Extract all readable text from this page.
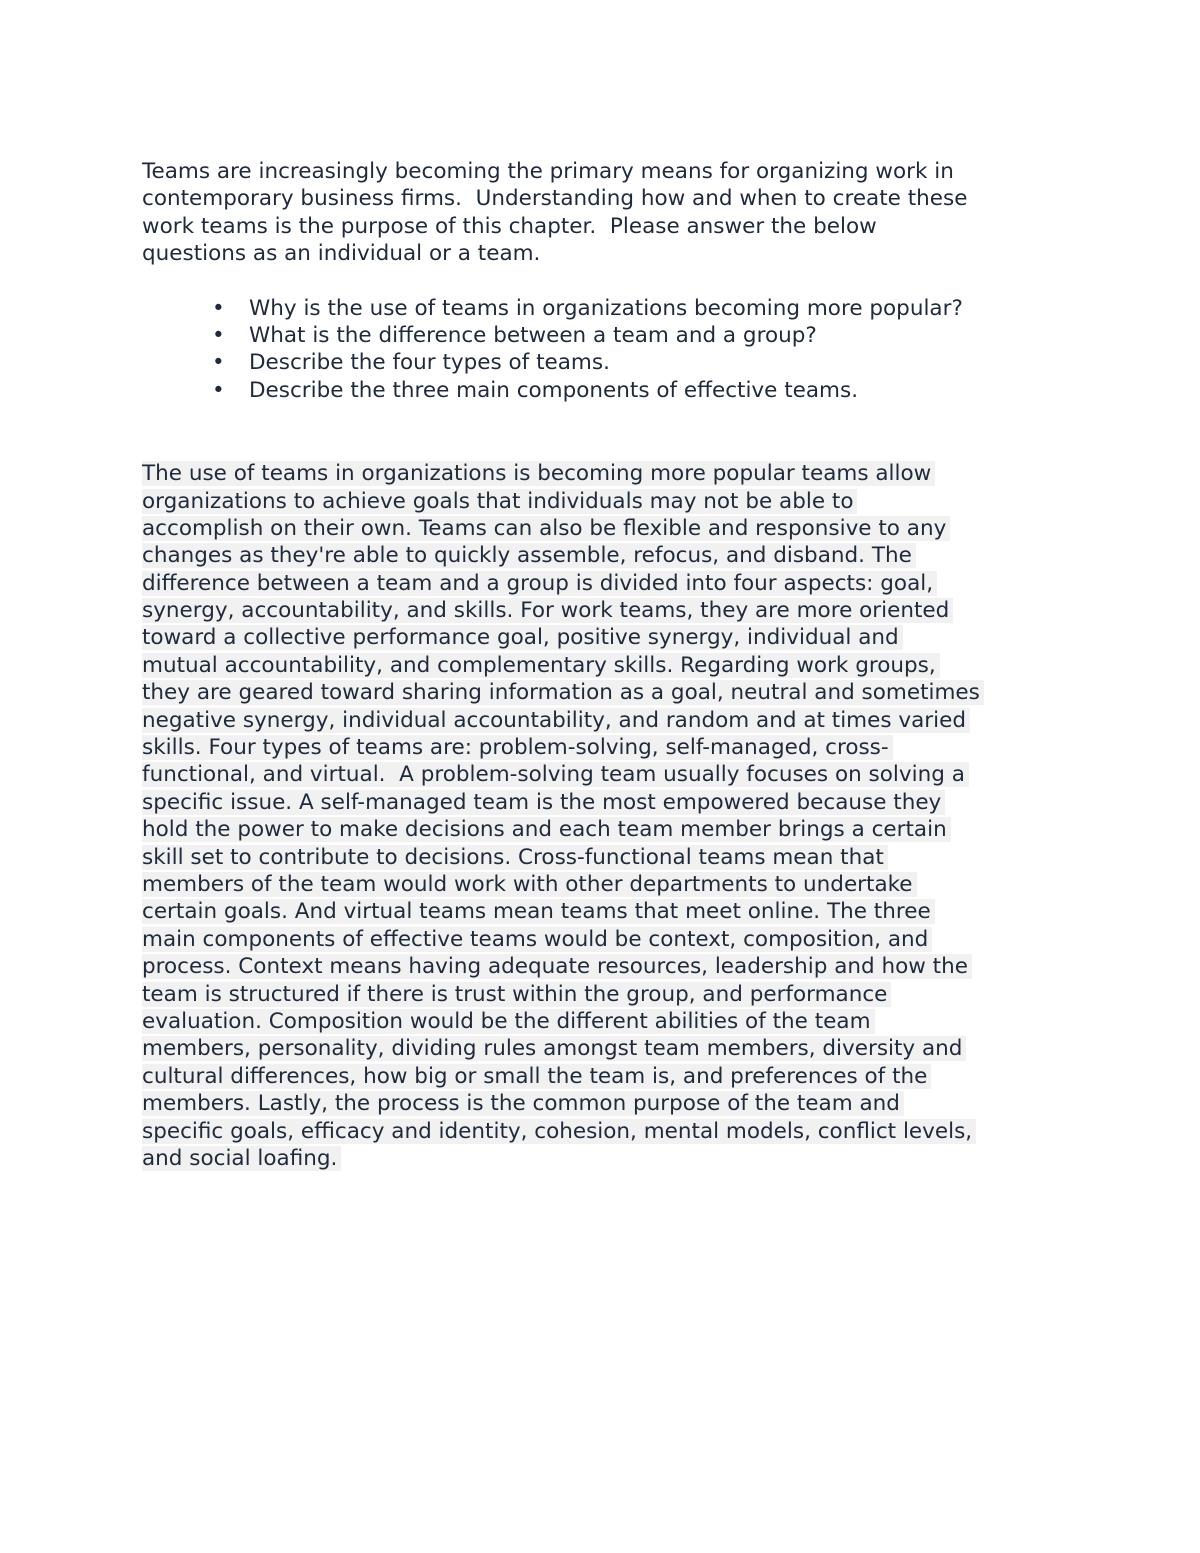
Teams are increasingly becoming the primary means for organizing work in
contemporary business firms.  Understanding how and when to create these
work teams is the purpose of this chapter.  Please answer the below
questions as an individual or a team.

• Why is the use of teams in organizations becoming more popular?
• What is the difference between a team and a group?
• Describe the four types of teams.
• Describe the three main components of effective teams.
The use of teams in organizations is becoming more popular teams allow
organizations to achieve goals that individuals may not be able to
accomplish on their own. Teams can also be flexible and responsive to any
changes as they're able to quickly assemble, refocus, and disband. The
difference between a team and a group is divided into four aspects: goal,
synergy, accountability, and skills. For work teams, they are more oriented
toward a collective performance goal, positive synergy, individual and
mutual accountability, and complementary skills. Regarding work groups,
they are geared toward sharing information as a goal, neutral and sometimes
negative synergy, individual accountability, and random and at times varied
skills. Four types of teams are: problem-solving, self-managed, cross-
functional, and virtual.  A problem-solving team usually focuses on solving a
specific issue. A self-managed team is the most empowered because they
hold the power to make decisions and each team member brings a certain
skill set to contribute to decisions. Cross-functional teams mean that
members of the team would work with other departments to undertake
certain goals. And virtual teams mean teams that meet online. The three
main components of effective teams would be context, composition, and
process. Context means having adequate resources, leadership and how the
team is structured if there is trust within the group, and performance
evaluation. Composition would be the different abilities of the team
members, personality, dividing rules amongst team members, diversity and
cultural differences, how big or small the team is, and preferences of the
members. Lastly, the process is the common purpose of the team and
specific goals, efficacy and identity, cohesion, mental models, conflict levels,
and social loafing.
